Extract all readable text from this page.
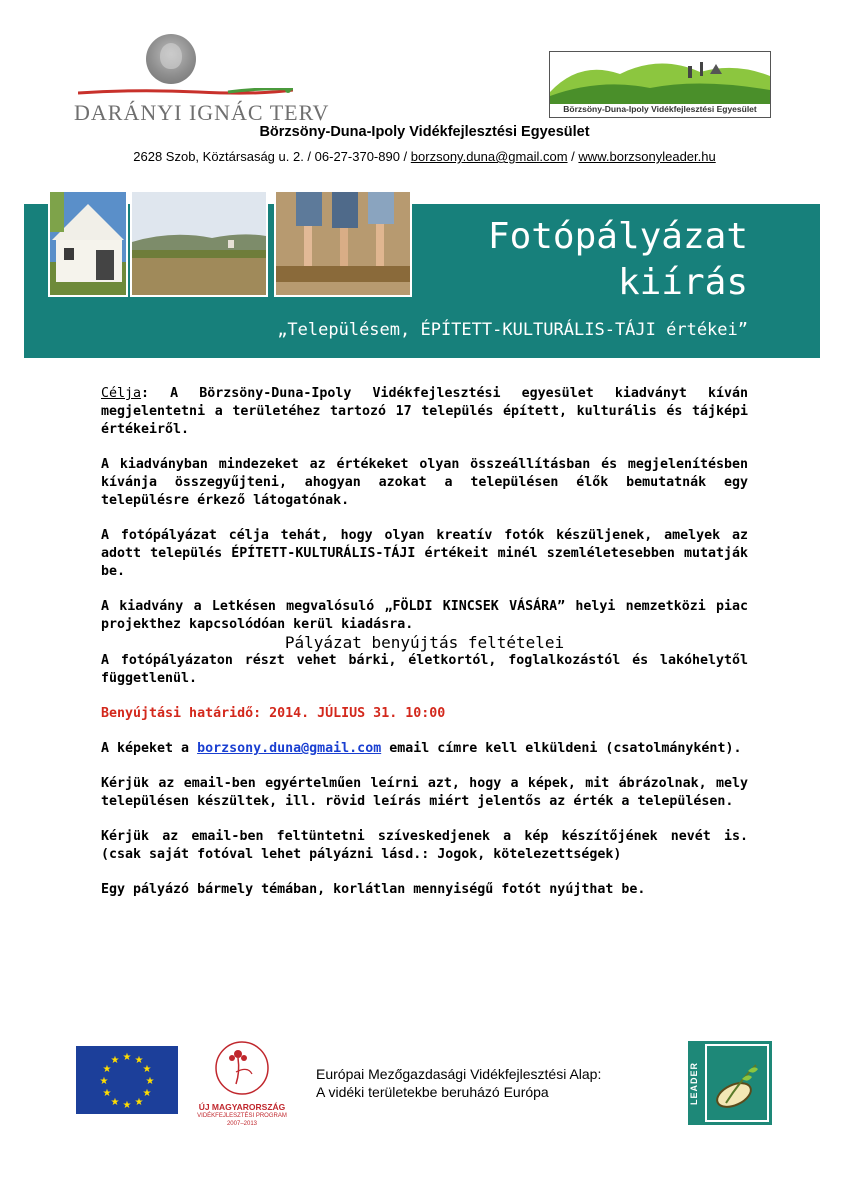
DARÁNYI IGNÁC TERV	Börzsöny-Duna-Ipoly Vidékfejlesztési Egyesület
Börzsöny-Duna-Ipoly Vidékfejlesztési Egyesület
2628 Szob, Köztársaság u. 2. / 06-27-370-890 / borzsony.duna@gmail.com / www.borzsonyleader.hu
Fotópályázat
kiírás
„Településem, ÉPÍTETT-KULTURÁLIS-TÁJI értékei”

Célja: A Börzsöny-Duna-Ipoly Vidékfejlesztési egyesület kiadványt kíván megjelentetni a területéhez tartozó 17 település épített, kulturális és tájképi értékeiről.

A kiadványban mindezeket az értékeket olyan összeállításban és megjelenítésben kívánja összegyűjteni, ahogyan azokat a településen élők bemutatnák egy településre érkező látogatónak.

A fotópályázat célja tehát, hogy olyan kreatív fotók készüljenek, amelyek az adott település ÉPÍTETT-KULTURÁLIS-TÁJI értékeit minél szemléletesebben mutatják be.

A kiadvány a Letkésen megvalósuló „FÖLDI KINCSEK VÁSÁRA” helyi nemzetközi piac projekthez kapcsolódóan kerül kiadásra.

Pályázat benyújtás feltételei

A fotópályázaton részt vehet bárki, életkortól, foglalkozástól és lakóhelytől függetlenül.

Benyújtási határidő: 2014. JÚLIUS 31. 10:00

A képeket a borzsony.duna@gmail.com email címre kell elküldeni (csatolmányként).

Kérjük az email-ben egyértelműen leírni azt, hogy a képek, mit ábrázolnak, mely településen készültek, ill. rövid leírás miért jelentős az érték a településen.

Kérjük az email-ben feltüntetni szíveskedjenek a kép készítőjének nevét is. (csak saját fotóval lehet pályázni lásd.: Jogok, kötelezettségek)

Egy pályázó bármely témában, korlátlan mennyiségű fotót nyújthat be.

★ ★
★
★
★
★
★
★
★
★
★
★
ÚJ MAGYARORSZÁG
VIDÉKFEJLESZTÉSI PROGRAM
2007–2013
Európai Mezőgazdasági Vidékfejlesztési Alap:
A vidéki területekbe beruházó Európa	LEADER
